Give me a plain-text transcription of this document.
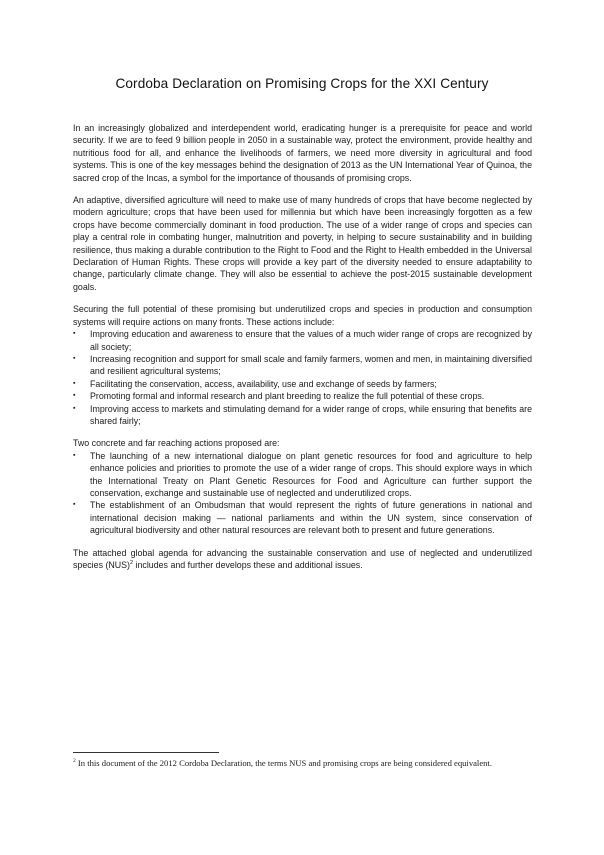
Cordoba Declaration on Promising Crops for the XXI Century

In an increasingly globalized and interdependent world, eradicating hunger is a prerequisite for peace and world security. If we are to feed 9 billion people in 2050 in a sustainable way, protect the environment, provide healthy and nutritious food for all, and enhance the livelihoods of farmers, we need more diversity in agricultural and food systems. This is one of the key messages behind the designation of 2013 as the UN International Year of Quinoa, the sacred crop of the Incas, a symbol for the importance of thousands of promising crops.

An adaptive, diversified agriculture will need to make use of many hundreds of crops that have become neglected by modern agriculture; crops that have been used for millennia but which have been increasingly forgotten as a few crops have become commercially dominant in food production. The use of a wider range of crops and species can play a central role in combating hunger, malnutrition and poverty, in helping to secure sustainability and in building resilience, thus making a durable contribution to the Right to Food and the Right to Health embedded in the Universal Declaration of Human Rights. These crops will provide a key part of the diversity needed to ensure adaptability to change, particularly climate change. They will also be essential to achieve the post-2015 sustainable development goals.

Securing the full potential of these promising but underutilized crops and species in production and consumption systems will require actions on many fronts. These actions include:

▪	Improving education and awareness to ensure that the values of a much wider range of crops are recognized by all society;
▪	Increasing recognition and support for small scale and family farmers, women and men, in maintaining diversified and resilient agricultural systems;
▪	Facilitating the conservation, access, availability, use and exchange of seeds by farmers;
▪	Promoting formal and informal research and plant breeding to realize the full potential of these crops.
▪	Improving access to markets and stimulating demand for a wider range of crops, while ensuring that benefits are shared fairly;

Two concrete and far reaching actions proposed are:

▪	The launching of a new international dialogue on plant genetic resources for food and agriculture to help enhance policies and priorities to promote the use of a wider range of crops. This should explore ways in which the International Treaty on Plant Genetic Resources for Food and Agriculture can further support the conservation, exchange and sustainable use of neglected and underutilized crops.
▪	The establishment of an Ombudsman that would represent the rights of future generations in national and international decision making — national parliaments and within the UN system, since conservation of agricultural biodiversity and other natural resources are relevant both to present and future generations.

The attached global agenda for advancing the sustainable conservation and use of neglected and underutilized species (NUS)$^2$ includes and further develops these and additional issues.

$^2$ In this document of the 2012 Cordoba Declaration, the terms NUS and promising crops are being considered equivalent.
